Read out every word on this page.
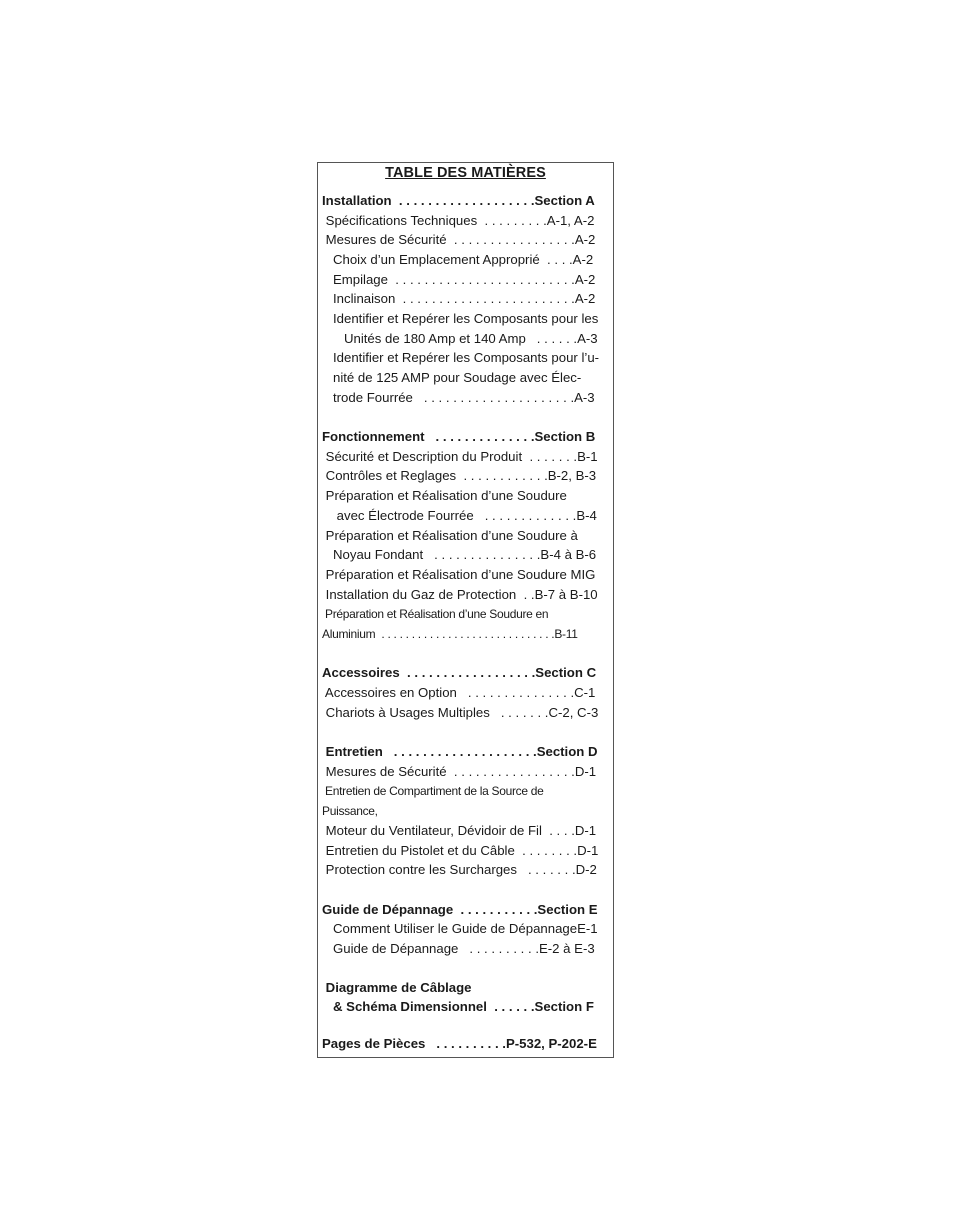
TABLE DES MATIÈRES
Installation  . . . . . . . . . . . . . . . . . . .Section A
Spécifications Techniques  . . . . . . . . .A-1, A-2
Mesures de Sécurité  . . . . . . . . . . . . . . . . .A-2
Choix d’un Emplacement Approprié  . . . .A-2
Empilage  . . . . . . . . . . . . . . . . . . . . . . . . .A-2
Inclinaison  . . . . . . . . . . . . . . . . . . . . . . . .A-2
Identifier et Repérer les Composants pour les
Unités de 180 Amp et 140 Amp   . . . . . .A-3
Identifier et Repérer les Composants pour l’u-
nité de 125 AMP pour Soudage avec Élec-
trode Fourrée   . . . . . . . . . . . . . . . . . . . . .A-3
Fonctionnement   . . . . . . . . . . . . . .Section B
Sécurité et Description du Produit  . . . . . . .B-1
Contrôles et Reglages  . . . . . . . . . . . .B-2, B-3
Préparation et Réalisation d’une Soudure
avec Électrode Fourrée   . . . . . . . . . . . . .B-4
Préparation et Réalisation d’une Soudure à
Noyau Fondant   . . . . . . . . . . . . . . .B-4 à B-6
Préparation et Réalisation d’une Soudure MIG
Installation du Gaz de Protection  . .B-7 à B-10
Préparation et Réalisation d’une Soudure en
Aluminium  . . . . . . . . . . . . . . . . . . . . . . . . . . . . .B-11
Accessoires  . . . . . . . . . . . . . . . . . .Section C
Accessoires en Option   . . . . . . . . . . . . . . .C-1
Chariots à Usages Multiples   . . . . . . .C-2, C-3
Entretien   . . . . . . . . . . . . . . . . . . . .Section D
Mesures de Sécurité  . . . . . . . . . . . . . . . . .D-1
Entretien de Compartiment de la Source de
Puissance,
Moteur du Ventilateur, Dévidoir de Fil  . . . .D-1
Entretien du Pistolet et du Câble  . . . . . . . .D-1
Protection contre les Surcharges   . . . . . . .D-2
Guide de Dépannage  . . . . . . . . . . .Section E
Comment Utiliser le Guide de DépannageE-1
Guide de Dépannage   . . . . . . . . . .E-2 à E-3
Diagramme de Câblage
& Schéma Dimensionnel  . . . . . .Section F
Pages de Pièces   . . . . . . . . . .P-532, P-202-E
